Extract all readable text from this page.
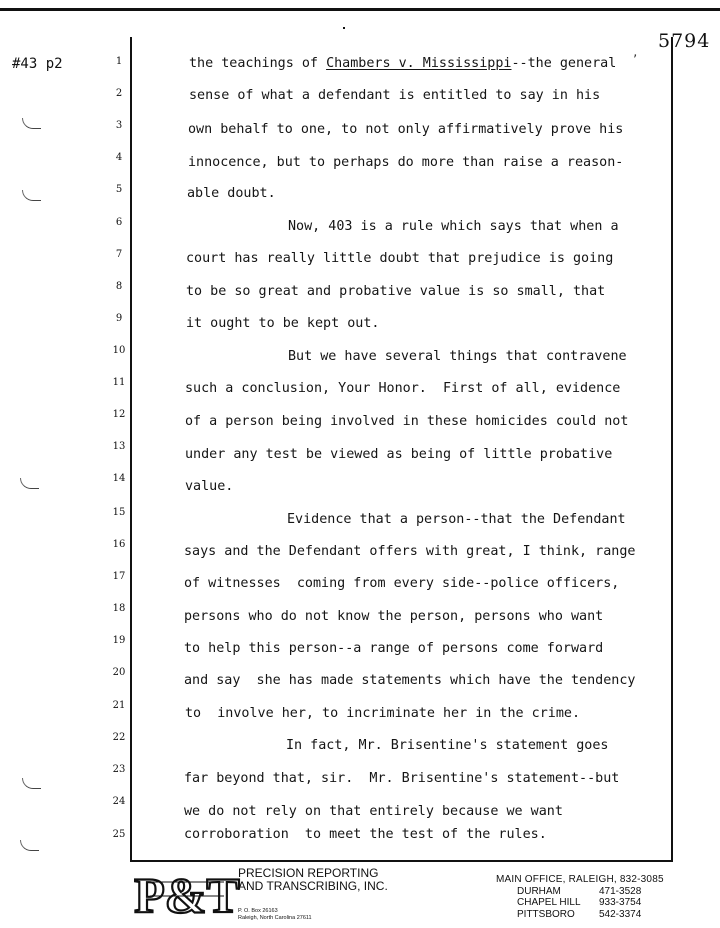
,
5794
#43 p2	1
2
3
4
5
6
7
8
9
10
11
12
13
14
15
16
17
18
19
20
21
22
23
24
25
the teachings of Chambers v. Mississippi--the general
sense of what a defendant is entitled to say in his
own behalf to one, to not only affirmatively prove his
innocence, but to perhaps do more than raise a reason-
able doubt.
Now, 403 is a rule which says that when a
court has really little doubt that prejudice is going
to be so great and probative value is so small, that
it ought to be kept out.
But we have several things that contravene
such a conclusion, Your Honor.  First of all, evidence
of a person being involved in these homicides could not
under any test be viewed as being of little probative
value.
Evidence that a person--that the Defendant
says and the Defendant offers with great, I think, range
of witnesses  coming from every side--police officers,
persons who do not know the person, persons who want
to help this person--a range of persons come forward
and say  she has made statements which have the tendency
to  involve her, to incriminate her in the crime.
In fact, Mr. Brisentine's statement goes
far beyond that, sir.  Mr. Brisentine's statement--but
we do not rely on that entirely because we want
corroboration  to meet the test of the rules.
P&T
PRECISION REPORTING
AND TRANSCRIBING, INC.
P. O. Box 26163
Raleigh, North Carolina 27611
MAIN OFFICE, RALEIGH, 832-3085
DURHAM	471-3528
CHAPEL HILL 933-3754
PITTSBORO 542-3374
